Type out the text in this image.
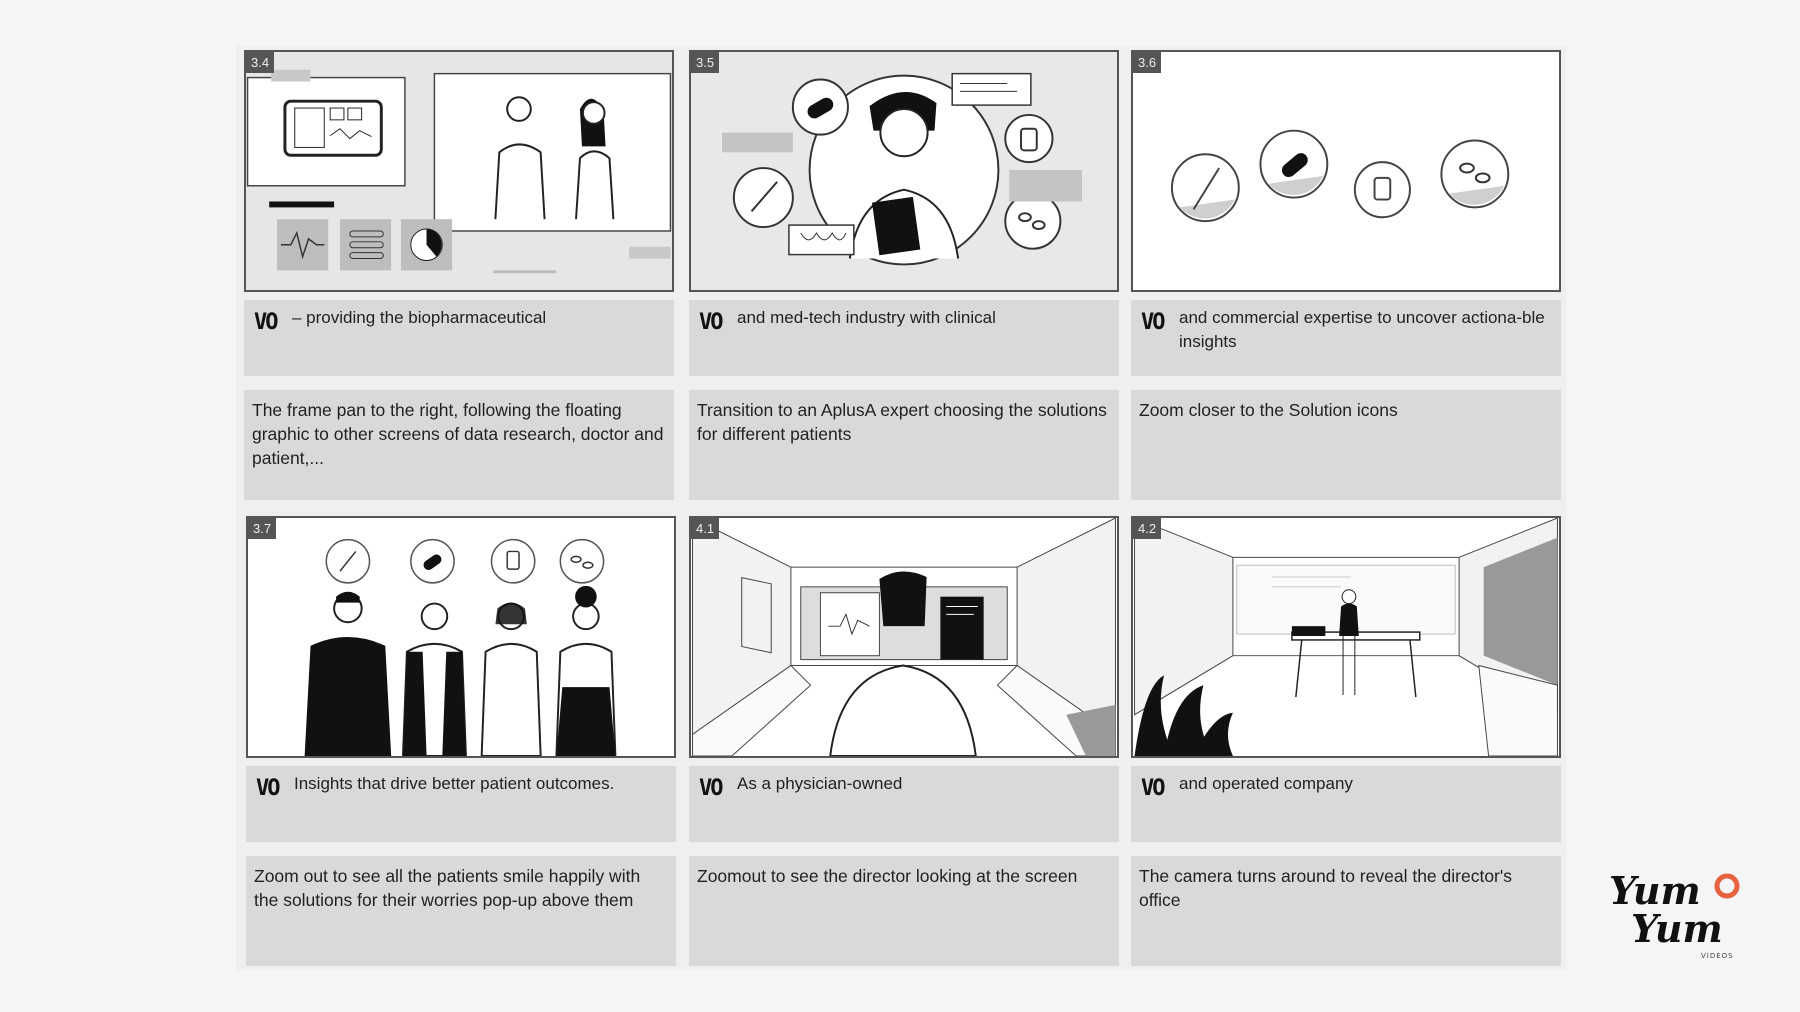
3.4
VO – providing the biopharmaceutical
The frame pan to the right, following the floating graphic to other screens of data research, doctor and patient,...
3.5
VO and med-tech industry with clinical
Transition to an AplusA expert choosing the solutions for different patients
3.6
VO and commercial expertise to uncover actiona-ble insights
Zoom closer to the Solution icons
3.7
VO Insights that drive better patient outcomes.
Zoom out to see all the patients smile happily with the solutions for their worries pop-up above them
4.1
VO As a physician-owned
Zoomout to see the director looking at the screen
4.2
VO and operated company
The camera turns around to reveal the director's office	Yum
Yum
VIDEOS
